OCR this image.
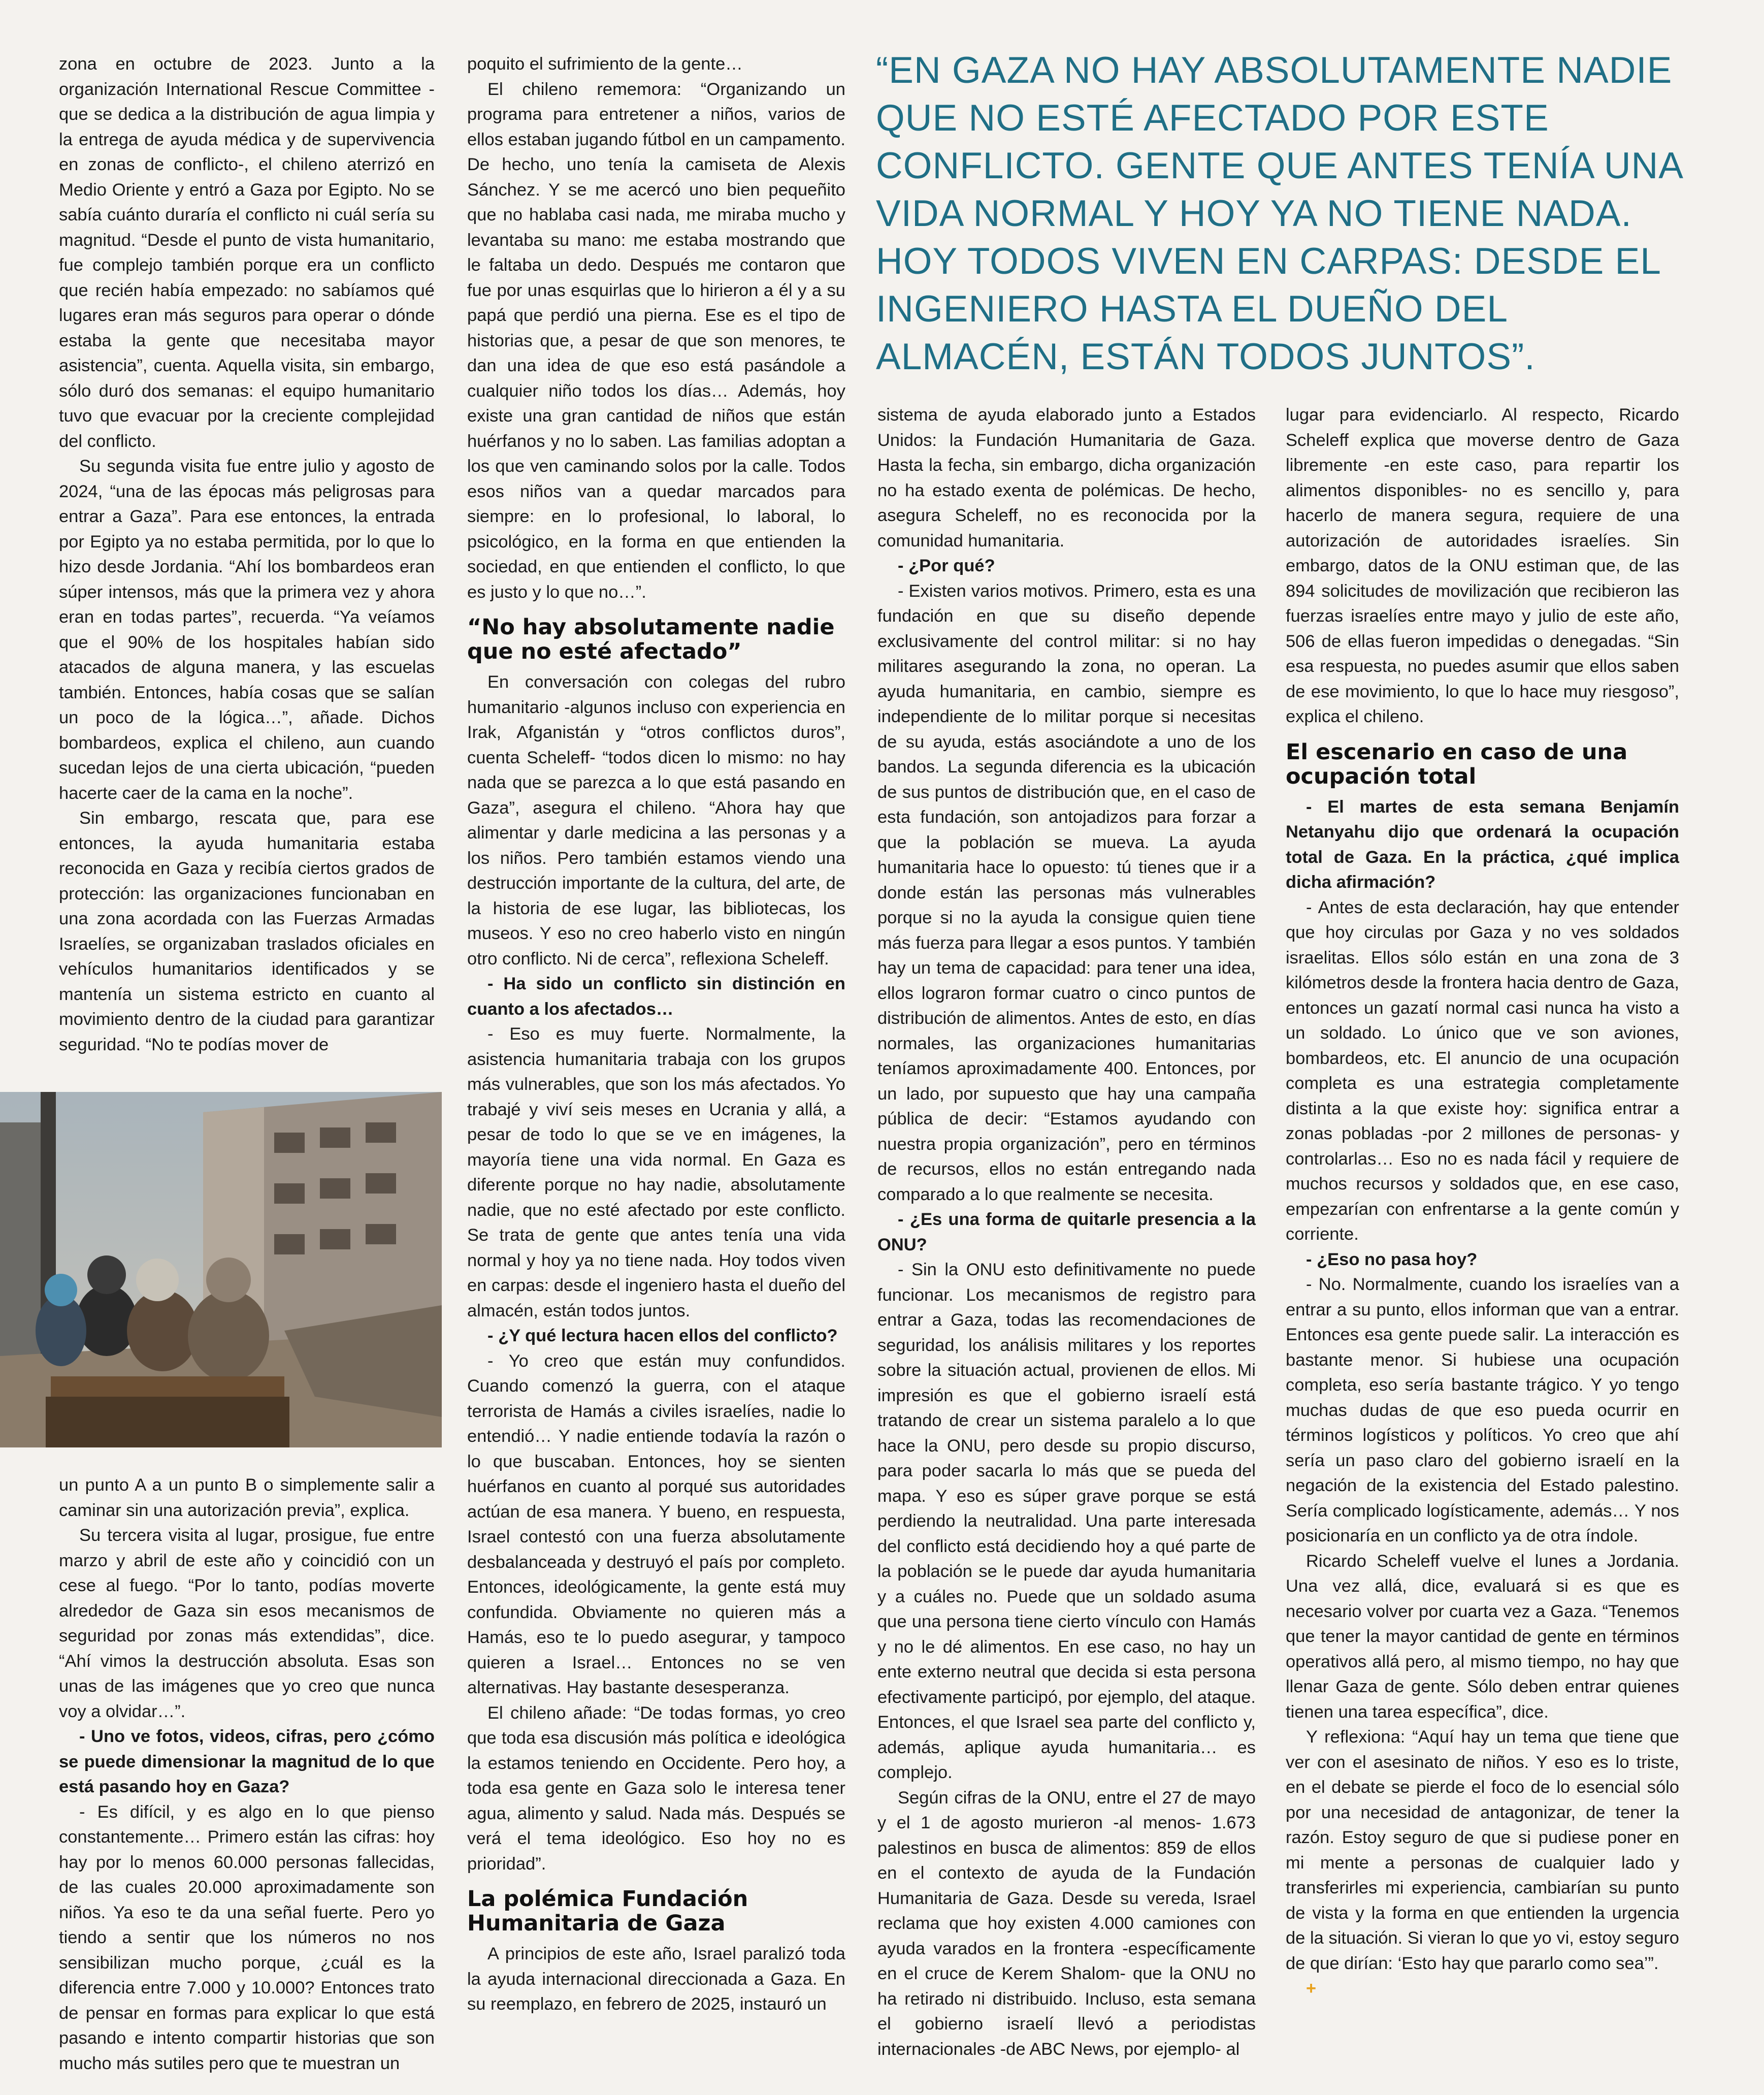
“EN GAZA NO HAY ABSOLUTAMENTE NADIE QUE NO ESTÉ AFECTADO POR ESTE CONFLICTO. GENTE QUE ANTES TENÍA UNA VIDA NORMAL Y HOY YA NO TIENE NADA. HOY TODOS VIVEN EN CARPAS: DESDE EL INGENIERO HASTA EL DUEÑO DEL ALMACÉN, ESTÁN TODOS JUNTOS”.

zona en octubre de 2023. Junto a la organización International Rescue Committee -que se dedica a la distribución de agua limpia y la entrega de ayuda médica y de supervivencia en zonas de conflicto-, el chileno aterrizó en Medio Oriente y entró a Gaza por Egipto. No se sabía cuánto duraría el conflicto ni cuál sería su magnitud. “Desde el punto de vista humanitario, fue complejo también porque era un conflicto que recién había empezado: no sabíamos qué lugares eran más seguros para operar o dónde estaba la gente que necesitaba mayor asistencia”, cuenta. Aquella visita, sin embargo, sólo duró dos semanas: el equipo humanitario tuvo que evacuar por la creciente complejidad del conflicto.

Su segunda visita fue entre julio y agosto de 2024, “una de las épocas más peligrosas para entrar a Gaza”. Para ese entonces, la entrada por Egipto ya no estaba permitida, por lo que lo hizo desde Jordania. “Ahí los bombardeos eran súper intensos, más que la primera vez y ahora eran en todas partes”, recuerda. “Ya veíamos que el 90% de los hospitales habían sido atacados de alguna manera, y las escuelas también. Entonces, había cosas que se salían un poco de la lógica…”, añade. Dichos bombardeos, explica el chileno, aun cuando sucedan lejos de una cierta ubicación, “pueden hacerte caer de la cama en la noche”.

Sin embargo, rescata que, para ese entonces, la ayuda humanitaria estaba reconocida en Gaza y recibía ciertos grados de protección: las organizaciones funcionaban en una zona acordada con las Fuerzas Armadas Israelíes, se organizaban traslados oficiales en vehículos humanitarios identificados y se mantenía un sistema estricto en cuanto al movimiento dentro de la ciudad para garantizar seguridad. “No te podías mover de

un punto A a un punto B o simplemente salir a caminar sin una autorización previa”, explica.

Su tercera visita al lugar, prosigue, fue entre marzo y abril de este año y coincidió con un cese al fuego. “Por lo tanto, podías moverte alrededor de Gaza sin esos mecanismos de seguridad por zonas más extendidas”, dice. “Ahí vimos la destrucción absoluta. Esas son unas de las imágenes que yo creo que nunca voy a olvidar…”.

- Uno ve fotos, videos, cifras, pero ¿cómo se puede dimensionar la magnitud de lo que está pasando hoy en Gaza?

- Es difícil, y es algo en lo que pienso constantemente… Primero están las cifras: hoy hay por lo menos 60.000 personas fallecidas, de las cuales 20.000 aproximadamente son niños. Ya eso te da una señal fuerte. Pero yo tiendo a sentir que los números no nos sensibilizan mucho porque, ¿cuál es la diferencia entre 7.000 y 10.000? Entonces trato de pensar en formas para explicar lo que está pasando e intento compartir historias que son mucho más sutiles pero que te muestran un

poquito el sufrimiento de la gente…

El chileno rememora: “Organizando un programa para entretener a niños, varios de ellos estaban jugando fútbol en un campamento. De hecho, uno tenía la camiseta de Alexis Sánchez. Y se me acercó uno bien pequeñito que no hablaba casi nada, me miraba mucho y levantaba su mano: me estaba mostrando que le faltaba un dedo. Después me contaron que fue por unas esquirlas que lo hirieron a él y a su papá que perdió una pierna. Ese es el tipo de historias que, a pesar de que son menores, te dan una idea de que eso está pasándole a cualquier niño todos los días… Además, hoy existe una gran cantidad de niños que están huérfanos y no lo saben. Las familias adoptan a los que ven caminando solos por la calle. Todos esos niños van a quedar marcados para siempre: en lo profesional, lo laboral, lo psicológico, en la forma en que entienden la sociedad, en que entienden el conflicto, lo que es justo y lo que no…”.

“No hay absolutamente nadie que no esté afectado”

En conversación con colegas del rubro humanitario -algunos incluso con experiencia en Irak, Afganistán y “otros conflictos duros”, cuenta Scheleff- “todos dicen lo mismo: no hay nada que se parezca a lo que está pasando en Gaza”, asegura el chileno. “Ahora hay que alimentar y darle medicina a las personas y a los niños. Pero también estamos viendo una destrucción importante de la cultura, del arte, de la historia de ese lugar, las bibliotecas, los museos. Y eso no creo haberlo visto en ningún otro conflicto. Ni de cerca”, reflexiona Scheleff.

- Ha sido un conflicto sin distinción en cuanto a los afectados…

- Eso es muy fuerte. Normalmente, la asistencia humanitaria trabaja con los grupos más vulnerables, que son los más afectados. Yo trabajé y viví seis meses en Ucrania y allá, a pesar de todo lo que se ve en imágenes, la mayoría tiene una vida normal. En Gaza es diferente porque no hay nadie, absolutamente nadie, que no esté afectado por este conflicto. Se trata de gente que antes tenía una vida normal y hoy ya no tiene nada. Hoy todos viven en carpas: desde el ingeniero hasta el dueño del almacén, están todos juntos.

- ¿Y qué lectura hacen ellos del conflicto?

- Yo creo que están muy confundidos. Cuando comenzó la guerra, con el ataque terrorista de Hamás a civiles israelíes, nadie lo entendió… Y nadie entiende todavía la razón o lo que buscaban. Entonces, hoy se sienten huérfanos en cuanto al porqué sus autoridades actúan de esa manera. Y bueno, en respuesta, Israel contestó con una fuerza absolutamente desbalanceada y destruyó el país por completo. Entonces, ideológicamente, la gente está muy confundida. Obviamente no quieren más a Hamás, eso te lo puedo asegurar, y tampoco quieren a Israel… Entonces no se ven alternativas. Hay bastante desesperanza.

El chileno añade: “De todas formas, yo creo que toda esa discusión más política e ideológica la estamos teniendo en Occidente. Pero hoy, a toda esa gente en Gaza solo le interesa tener agua, alimento y salud. Nada más. Después se verá el tema ideológico. Eso hoy no es prioridad”.

La polémica Fundación Humanitaria de Gaza

A principios de este año, Israel paralizó toda la ayuda internacional direccionada a Gaza. En su reemplazo, en febrero de 2025, instauró un

sistema de ayuda elaborado junto a Estados Unidos: la Fundación Humanitaria de Gaza. Hasta la fecha, sin embargo, dicha organización no ha estado exenta de polémicas. De hecho, asegura Scheleff, no es reconocida por la comunidad humanitaria.

- ¿Por qué?

- Existen varios motivos. Primero, esta es una fundación en que su diseño depende exclusivamente del control militar: si no hay militares asegurando la zona, no operan. La ayuda humanitaria, en cambio, siempre es independiente de lo militar porque si necesitas de su ayuda, estás asociándote a uno de los bandos. La segunda diferencia es la ubicación de sus puntos de distribución que, en el caso de esta fundación, son antojadizos para forzar a que la población se mueva. La ayuda humanitaria hace lo opuesto: tú tienes que ir a donde están las personas más vulnerables porque si no la ayuda la consigue quien tiene más fuerza para llegar a esos puntos. Y también hay un tema de capacidad: para tener una idea, ellos lograron formar cuatro o cinco puntos de distribución de alimentos. Antes de esto, en días normales, las organizaciones humanitarias teníamos aproximadamente 400. Entonces, por un lado, por supuesto que hay una campaña pública de decir: “Estamos ayudando con nuestra propia organización”, pero en términos de recursos, ellos no están entregando nada comparado a lo que realmente se necesita.

- ¿Es una forma de quitarle presencia a la ONU?

- Sin la ONU esto definitivamente no puede funcionar. Los mecanismos de registro para entrar a Gaza, todas las recomendaciones de seguridad, los análisis militares y los reportes sobre la situación actual, provienen de ellos. Mi impresión es que el gobierno israelí está tratando de crear un sistema paralelo a lo que hace la ONU, pero desde su propio discurso, para poder sacarla lo más que se pueda del mapa. Y eso es súper grave porque se está perdiendo la neutralidad. Una parte interesada del conflicto está decidiendo hoy a qué parte de la población se le puede dar ayuda humanitaria y a cuáles no. Puede que un soldado asuma que una persona tiene cierto vínculo con Hamás y no le dé alimentos. En ese caso, no hay un ente externo neutral que decida si esta persona efectivamente participó, por ejemplo, del ataque. Entonces, el que Israel sea parte del conflicto y, además, aplique ayuda humanitaria… es complejo.

Según cifras de la ONU, entre el 27 de mayo y el 1 de agosto murieron -al menos- 1.673 palestinos en busca de alimentos: 859 de ellos en el contexto de ayuda de la Fundación Humanitaria de Gaza. Desde su vereda, Israel reclama que hoy existen 4.000 camiones con ayuda varados en la frontera -específicamente en el cruce de Kerem Shalom- que la ONU no ha retirado ni distribuido. Incluso, esta semana el gobierno israelí llevó a periodistas internacionales -de ABC News, por ejemplo- al

lugar para evidenciarlo. Al respecto, Ricardo Scheleff explica que moverse dentro de Gaza libremente -en este caso, para repartir los alimentos disponibles- no es sencillo y, para hacerlo de manera segura, requiere de una autorización de autoridades israelíes. Sin embargo, datos de la ONU estiman que, de las 894 solicitudes de movilización que recibieron las fuerzas israelíes entre mayo y julio de este año, 506 de ellas fueron impedidas o denegadas. “Sin esa respuesta, no puedes asumir que ellos saben de ese movimiento, lo que lo hace muy riesgoso”, explica el chileno.

El escenario en caso de una ocupación total

- El martes de esta semana Benjamín Netanyahu dijo que ordenará la ocupación total de Gaza. En la práctica, ¿qué implica dicha afirmación?

- Antes de esta declaración, hay que entender que hoy circulas por Gaza y no ves soldados israelitas. Ellos sólo están en una zona de 3 kilómetros desde la frontera hacia dentro de Gaza, entonces un gazatí normal casi nunca ha visto a un soldado. Lo único que ve son aviones, bombardeos, etc. El anuncio de una ocupación completa es una estrategia completamente distinta a la que existe hoy: significa entrar a zonas pobladas -por 2 millones de personas- y controlarlas… Eso no es nada fácil y requiere de muchos recursos y soldados que, en ese caso, empezarían con enfrentarse a la gente común y corriente.

- ¿Eso no pasa hoy?

- No. Normalmente, cuando los israelíes van a entrar a su punto, ellos informan que van a entrar. Entonces esa gente puede salir. La interacción es bastante menor. Si hubiese una ocupación completa, eso sería bastante trágico. Y yo tengo muchas dudas de que eso pueda ocurrir en términos logísticos y políticos. Yo creo que ahí sería un paso claro del gobierno israelí en la negación de la existencia del Estado palestino. Sería complicado logísticamente, además… Y nos posicionaría en un conflicto ya de otra índole.

Ricardo Scheleff vuelve el lunes a Jordania. Una vez allá, dice, evaluará si es que es necesario volver por cuarta vez a Gaza. “Tenemos que tener la mayor cantidad de gente en términos operativos allá pero, al mismo tiempo, no hay que llenar Gaza de gente. Sólo deben entrar quienes tienen una tarea específica”, dice.

Y reflexiona: “Aquí hay un tema que tiene que ver con el asesinato de niños. Y eso es lo triste, en el debate se pierde el foco de lo esencial sólo por una necesidad de antagonizar, de tener la razón. Estoy seguro de que si pudiese poner en mi mente a personas de cualquier lado y transferirles mi experiencia, cambiarían su punto de vista y la forma en que entienden la urgencia de la situación. Si vieran lo que yo vi, estoy seguro de que dirían: ‘Esto hay que pararlo como sea’”.

+
